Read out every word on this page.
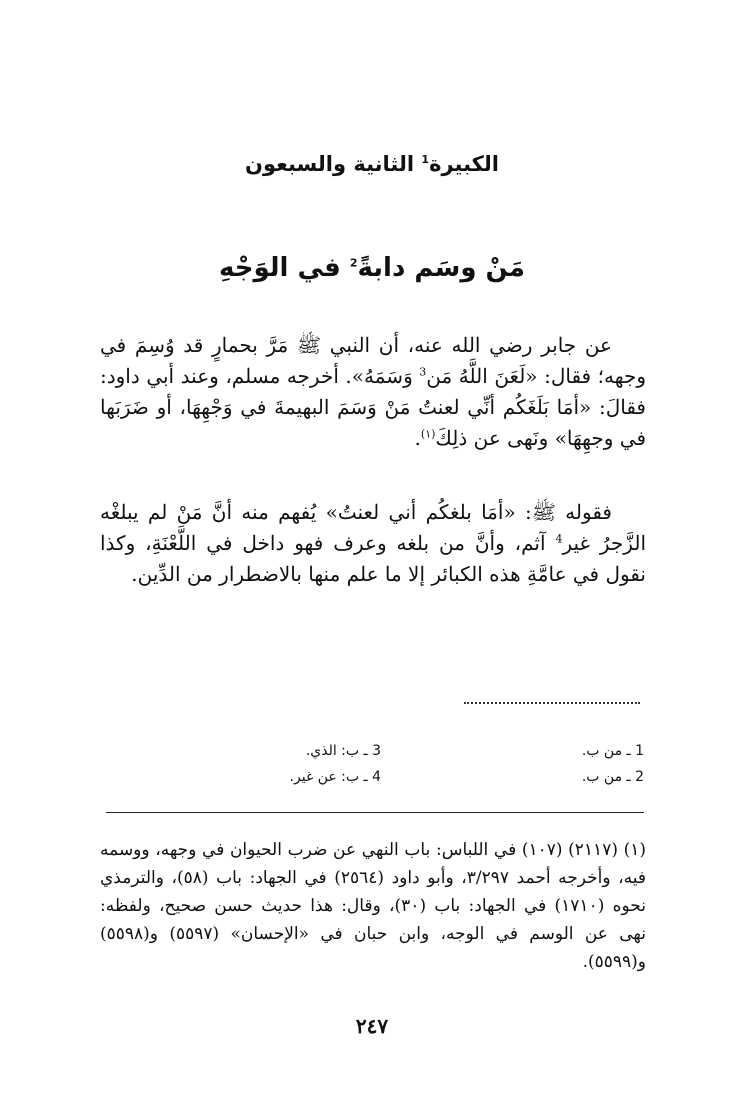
الكبيرة$^1$ الثانية والسبعون
مَنْ وسَم دابةً$^2$ في الوَجْهِ

عن جابر رضي الله عنه، أن النبي ﷺ مَرَّ بحمارٍ قد وُسِمَ في وجهه؛ فقال: «لَعَنَ اللَّهُ مَن$^3$ وَسَمَهُ». أخرجه مسلم، وعند أبي داود: فقالَ: «أمَا بَلَغَكُم أنِّي لعنتُ مَنْ وَسَمَ البهيمةَ في وَجْهِهَا، أو ضَرَبَها في وجهِهَا» ونَهى عن ذلِكَ$^{(١)}$.

فقوله ﷺ: «أمَا بلغكُم أني لعنتُ» يُفهم منه أنَّ مَنْ لم يبلغْه الزَّجرُ غير$^4$ آثم، وأنَّ من بلغه وعرف فهو داخل في اللَّعْنَةِ، وكذا نقول في عامَّةِ هذه الكبائر إلا ما علم منها بالاضطرار من الدِّين.

1 ـ من ب.
2 ـ من ب.
3 ـ ب: الذي.
4 ـ ب: عن غير.

(١) (٢١١٧) (١٠٧) في اللباس: باب النهي عن ضرب الحيوان في وجهه، ووسمه فيه، وأخرجه أحمد ٣/٢٩٧، وأبو داود (٢٥٦٤) في الجهاد: باب (٥٨)، والترمذي نحوه (١٧١٠) في الجهاد: باب (٣٠)، وقال: هذا حديث حسن صحيح، ولفظه: نهى عن الوسم في الوجه، وابن حبان في «الإحسان» (٥٥٩٧) و(٥٥٩٨) و(٥٥٩٩).

٢٤٧
